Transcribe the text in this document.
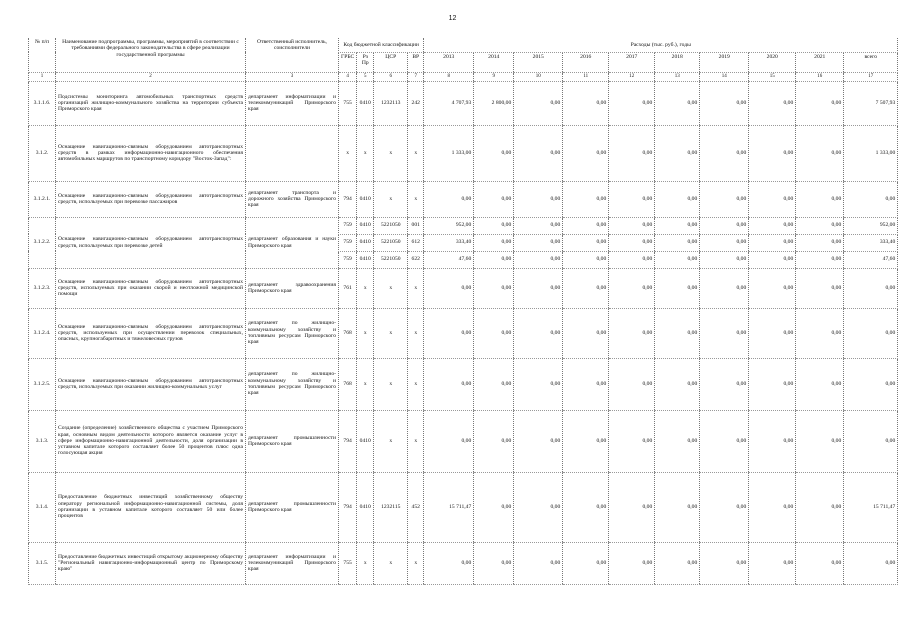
12
№ п/п	Наименование подпрограммы, программы, мероприятий в соответствии с требованиями федерального законодательства в сфере реализации государственной программы	Ответственный исполнитель, соисполнители	Код бюджетной классификации				Расходы (тыс. руб.), годы									
			ГРБС	Рз Пр	ЦСР	ВР	2013	2014	2015	2016	2017	2018	2019	2020	2021	всего
1	2	3	4	5	6	7	8	9	10	11	12	13	14	15	16	17
3.1.1.6.	Подсистемы мониторинга автомобильных транспортных средств организаций жилищно-коммунального хозяйства на территории субъекта Приморского края	департамент информатизации и телекоммуникаций Приморского края	755	0410	1232113	242	4 707,93	2 800,00	0,00	0,00	0,00	0,00	0,00	0,00	0,00	7 507,93
3.1.2.	Оснащение навигационно-связным оборудованием автотранспортных средств в рамках информационно-навигационного обеспечения автомобильных маршрутов по транспортному коридору "Восток-Запад":		x	x	x	x	1 333,00	0,00	0,00	0,00	0,00	0,00	0,00	0,00	0,00	1 333,00
3.1.2.1.	Оснащение навигационно-связным оборудованием автотранспортных средств, используемых при перевозке пассажиров	департамент транспорта и дорожного хозяйства Приморского края	794	0410	x	x	0,00	0,00	0,00	0,00	0,00	0,00	0,00	0,00	0,00	0,00
3.1.2.2.	Оснащение навигационно-связным оборудованием автотранспортных средств, используемых при перевозке детей	департамент образования и науки Приморского края	759	0410	5221050	001	952,00	0,00	0,00	0,00	0,00	0,00	0,00	0,00	0,00	952,00
			759	0410	5221050	612	333,40	0,00	0,00	0,00	0,00	0,00	0,00	0,00	0,00	333,40
			759	0410	5221050	622	47,60	0,00	0,00	0,00	0,00	0,00	0,00	0,00	0,00	47,60
3.1.2.3.	Оснащение навигационно-связным оборудованием автотранспортных средств, используемых при оказании скорой и неотложной медицинской помощи	департамент здравоохранения Приморского края	761	x	x	x	0,00	0,00	0,00	0,00	0,00	0,00	0,00	0,00	0,00	0,00
3.1.2.4.	Оснащение навигационно-связным оборудованием автотранспортных средств, используемых при осуществлении перевозок специальных, опасных, крупногабаритных и тяжеловесных грузов	департамент по жилищно-коммунальному хозяйству и топливным ресурсам Приморского края	768	x	x	x	0,00	0,00	0,00	0,00	0,00	0,00	0,00	0,00	0,00	0,00
3.1.2.5.	Оснащение навигационно-связным оборудованием автотранспортных средств, используемых при оказании жилищно-коммунальных услуг	департамент по жилищно-коммунальному хозяйству и топливным ресурсам Приморского края	768	x	x	x	0,00	0,00	0,00	0,00	0,00	0,00	0,00	0,00	0,00	0,00
3.1.3.	Создание (определение) хозяйственного общества с участием Приморского края, основным видом деятельности которого является оказание услуг в сфере информационно-навигационной деятельности, доля организации в уставном капитале которого составляет более 50 процентов плюс одна голосующая акция	департамент промышленности Приморского края	794	0410	x	x	0,00	0,00	0,00	0,00	0,00	0,00	0,00	0,00	0,00	0,00
3.1.4.	Предоставление бюджетных инвестиций хозяйственному обществу оператору региональной информационно-навигационной системы, доля организации в уставном капитале которого составляет 50 или более процентов	департамент промышленности Приморского края	794	0410	1232115	452	15 711,47	0,00	0,00	0,00	0,00	0,00	0,00	0,00	0,00	15 711,47
3.1.5.	Предоставление бюджетных инвестиций открытому акционерному обществу "Региональный навигационно-информационный центр по Приморскому краю"	департамент информатизации и телекоммуникаций Приморского края	755	x	x	x	0,00	0,00	0,00	0,00	0,00	0,00	0,00	0,00	0,00	0,00
